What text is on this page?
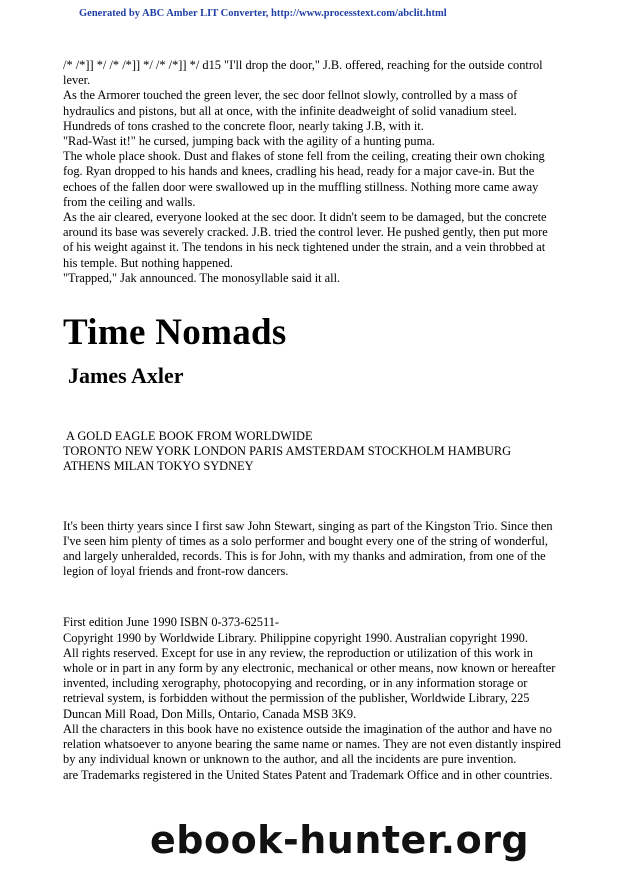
Generated by ABC Amber LIT Converter, http://www.processtext.com/abclit.html

/* /*]] */ /* /*]] */ /* /*]] */ d15 "I'll drop the door," J.B. offered, reaching for the outside control lever.

As the Armorer touched the green lever, the sec door fellnot slowly, controlled by a mass of hydraulics and pistons, but all at once, with the infinite deadweight of solid vanadium steel. Hundreds of tons crashed to the concrete floor, nearly taking J.B, with it.

"Rad-Wast it!" he cursed, jumping back with the agility of a hunting puma.

The whole place shook. Dust and flakes of stone fell from the ceiling, creating their own choking fog. Ryan dropped to his hands and knees, cradling his head, ready for a major cave-in. But the echoes of the fallen door were swallowed up in the muffling stillness. Nothing more came away from the ceiling and walls.

As the air cleared, everyone looked at the sec door. It didn't seem to be damaged, but the concrete around its base was severely cracked. J.B. tried the control lever. He pushed gently, then put more of his weight against it. The tendons in his neck tightened under the strain, and a vein throbbed at his temple. But nothing happened.

"Trapped," Jak announced. The monosyllable said it all.

Time Nomads
James Axler

A GOLD EAGLE BOOK FROM WORLDWIDE

TORONTO NEW YORK LONDON PARIS AMSTERDAM STOCKHOLM HAMBURG

ATHENS MILAN TOKYO SYDNEY

It's been thirty years since I first saw John Stewart, singing as part of the Kingston Trio. Since then I've seen him plenty of times as a solo performer and bought every one of the string of wonderful, and largely unheralded, records. This is for John, with my thanks and admiration, from one of the legion of loyal friends and front-row dancers.

First edition June 1990 ISBN 0-373-62511-

Copyright 1990 by Worldwide Library. Philippine copyright 1990. Australian copyright 1990.

All rights reserved. Except for use in any review, the reproduction or utilization of this work in whole or in part in any form by any electronic, mechanical or other means, now known or hereafter invented, including xerography, photocopying and recording, or in any information storage or retrieval system, is forbidden without the permission of the publisher, Worldwide Library, 225 Duncan Mill Road, Don Mills, Ontario, Canada MSB 3K9.

All the characters in this book have no existence outside the imagination of the author and have no relation whatsoever to anyone bearing the same name or names. They are not even distantly inspired by any individual known or unknown to the author, and all the incidents are pure invention.

are Trademarks registered in the United States Patent and Trademark Office and in other countries.

ebook-hunter.org
